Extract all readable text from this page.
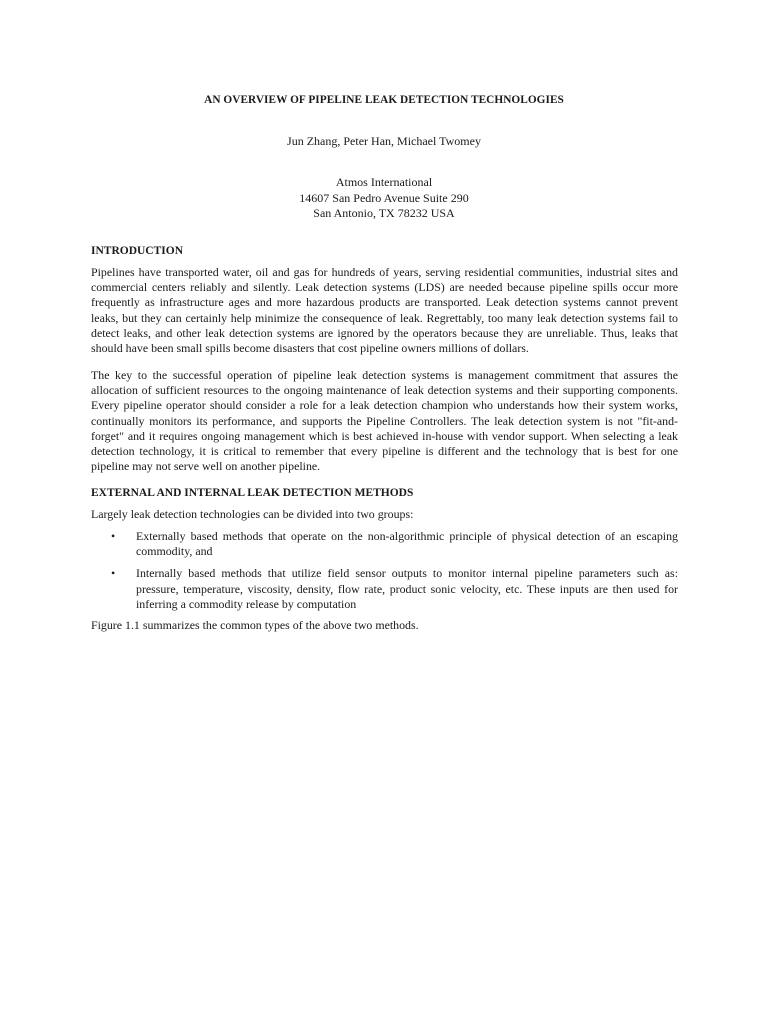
AN OVERVIEW OF PIPELINE LEAK DETECTION TECHNOLOGIES
Jun Zhang, Peter Han, Michael Twomey
Atmos International
14607 San Pedro Avenue Suite 290
San Antonio, TX 78232 USA
INTRODUCTION
Pipelines have transported water, oil and gas for hundreds of years, serving residential communities, industrial sites and commercial centers reliably and silently. Leak detection systems (LDS) are needed because pipeline spills occur more frequently as infrastructure ages and more hazardous products are transported. Leak detection systems cannot prevent leaks, but they can certainly help minimize the consequence of leak. Regrettably, too many leak detection systems fail to detect leaks, and other leak detection systems are ignored by the operators because they are unreliable. Thus, leaks that should have been small spills become disasters that cost pipeline owners millions of dollars.
The key to the successful operation of pipeline leak detection systems is management commitment that assures the allocation of sufficient resources to the ongoing maintenance of leak detection systems and their supporting components. Every pipeline operator should consider a role for a leak detection champion who understands how their system works, continually monitors its performance, and supports the Pipeline Controllers. The leak detection system is not "fit-and-forget" and it requires ongoing management which is best achieved in-house with vendor support. When selecting a leak detection technology, it is critical to remember that every pipeline is different and the technology that is best for one pipeline may not serve well on another pipeline.
EXTERNAL AND INTERNAL LEAK DETECTION METHODS
Largely leak detection technologies can be divided into two groups:
• Externally based methods that operate on the non-algorithmic principle of physical detection of an escaping commodity, and
• Internally based methods that utilize field sensor outputs to monitor internal pipeline parameters such as: pressure, temperature, viscosity, density, flow rate, product sonic velocity, etc. These inputs are then used for inferring a commodity release by computation
Figure 1.1 summarizes the common types of the above two methods.
